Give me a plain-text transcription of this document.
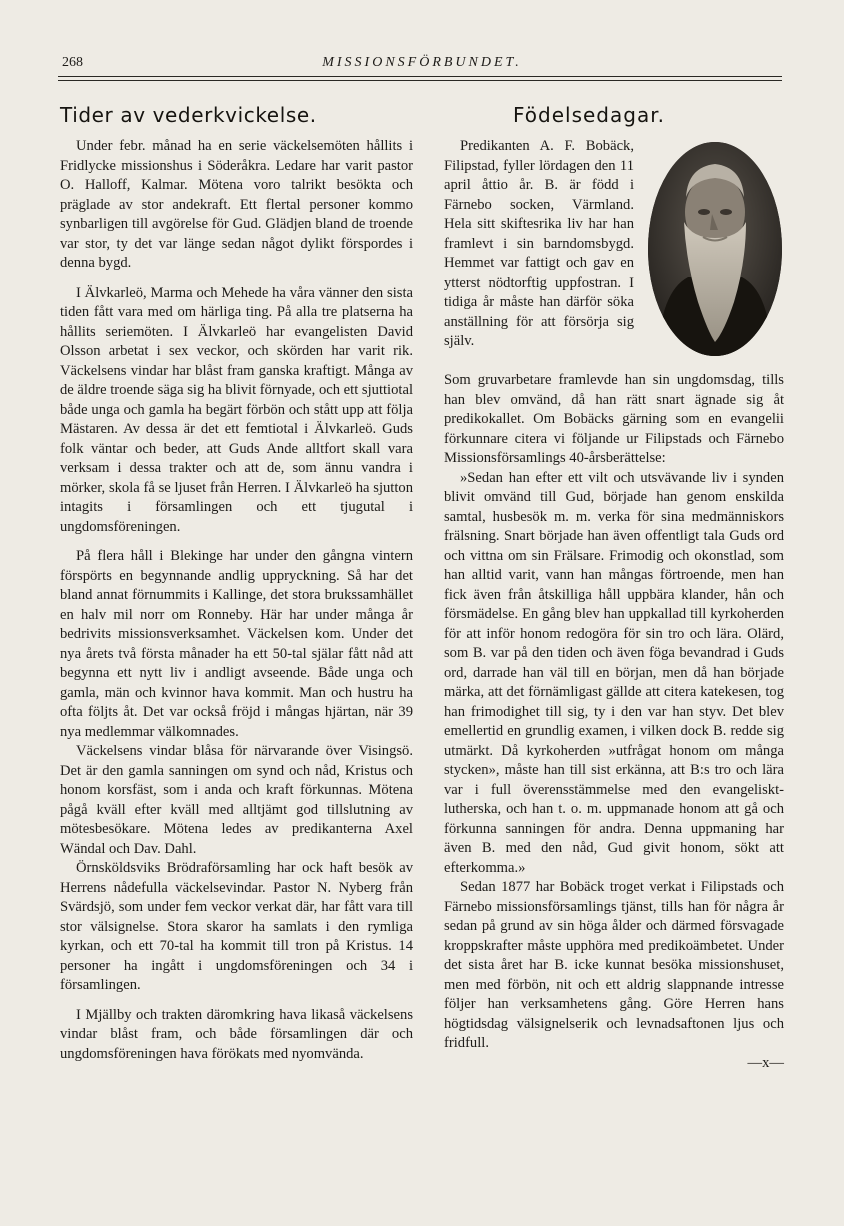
268	MISSIONSFÖRBUNDET.
Tider av vederkvickelse.

Under febr. månad ha en serie väckelsemöten hållits i Fridlycke missionshus i Söderåkra. Ledare har varit pastor O. Halloff, Kalmar. Mötena voro talrikt besökta och präglade av stor andekraft. Ett flertal personer kommo synbarligen till avgörelse för Gud. Glädjen bland de troende var stor, ty det var länge sedan något dylikt förspordes i denna bygd.

I Älvkarleö, Marma och Mehede ha våra vänner den sista tiden fått vara med om härliga ting. På alla tre platserna ha hållits seriemöten. I Älvkarleö har evangelisten David Olsson arbetat i sex veckor, och skörden har varit rik. Väckelsens vindar har blåst fram ganska kraftigt. Många av de äldre troende säga sig ha blivit förnyade, och ett sjuttiotal både unga och gamla ha begärt förbön och stått upp att följa Mästaren. Av dessa är det ett femtiotal i Älvkarleö. Guds folk väntar och beder, att Guds Ande alltfort skall vara verksam i dessa trakter och att de, som ännu vandra i mörker, skola få se ljuset från Herren. I Älvkarleö ha sjutton intagits i församlingen och ett tjugutal i ungdomsföreningen.

På flera håll i Blekinge har under den gångna vintern förspörts en begynnande andlig uppryckning. Så har det bland annat förnummits i Kallinge, det stora brukssamhället en halv mil norr om Ronneby. Här har under många år bedrivits missionsverksamhet. Väckelsen kom. Under det nya årets två första månader ha ett 50-tal själar fått nåd att begynna ett nytt liv i andligt avseende. Både unga och gamla, män och kvinnor hava kommit. Man och hustru ha ofta följts åt. Det var också fröjd i mångas hjärtan, när 39 nya medlemmar välkomnades.

Väckelsens vindar blåsa för närvarande över Visingsö. Det är den gamla sanningen om synd och nåd, Kristus och honom korsfäst, som i anda och kraft förkunnas. Mötena pågå kväll efter kväll med alltjämt god tillslutning av mötesbesökare. Mötena ledes av predikanterna Axel Wändal och Dav. Dahl.

Örnsköldsviks Brödraförsamling har ock haft besök av Herrens nådefulla väckelsevindar. Pastor N. Nyberg från Svärdsjö, som under fem veckor verkat där, har fått vara till stor välsignelse. Stora skaror ha samlats i den rymliga kyrkan, och ett 70-tal ha kommit till tron på Kristus. 14 personer ha ingått i ungdomsföreningen och 34 i församlingen.

I Mjällby och trakten däromkring hava likaså väckelsens vindar blåst fram, och både församlingen där och ungdomsföreningen hava förökats med nyomvända.

Födelsedagar.

Predikanten A. F. Bobäck, Filipstad, fyller lördagen den 11 april åttio år. B. är född i Färnebo socken, Värmland. Hela sitt skiftesrika liv har han framlevt i sin barndomsbygd. Hemmet var fattigt och gav en ytterst nödtorftig uppfostran. I tidiga år måste han därför söka anställning för att försörja sig själv.

Som gruvarbetare framlevde han sin ungdomsdag, tills han blev omvänd, då han rätt snart ägnade sig åt predikokallet. Om Bobäcks gärning som en evangelii förkunnare citera vi följande ur Filipstads och Färnebo Missionsförsamlings 40-årsberättelse:

»Sedan han efter ett vilt och utsvävande liv i synden blivit omvänd till Gud, började han genom enskilda samtal, husbesök m. m. verka för sina medmänniskors frälsning. Snart började han även offentligt tala Guds ord och vittna om sin Frälsare. Frimodig och okonstlad, som han alltid varit, vann han mångas förtroende, men han fick även från åtskilliga håll uppbära klander, hån och försmädelse. En gång blev han uppkallad till kyrkoherden för att inför honom redogöra för sin tro och lära. Olärd, som B. var på den tiden och även föga bevandrad i Guds ord, darrade han väl till en början, men då han började märka, att det förnämligast gällde att citera katekesen, tog han frimodighet till sig, ty i den var han styv. Det blev emellertid en grundlig examen, i vilken dock B. redde sig utmärkt. Då kyrkoherden »utfrågat honom om många stycken», måste han till sist erkänna, att B:s tro och lära var i full överensstämmelse med den evangeliskt-lutherska, och han t. o. m. uppmanade honom att gå och förkunna sanningen för andra. Denna uppmaning har även B. med den nåd, Gud givit honom, sökt att efterkomma.»

Sedan 1877 har Bobäck troget verkat i Filipstads och Färnebo missionsförsamlings tjänst, tills han för några år sedan på grund av sin höga ålder och därmed försvagade kroppskrafter måste upphöra med predikoämbetet. Under det sista året har B. icke kunnat besöka missionshuset, men med förbön, nit och ett aldrig slappnande intresse följer han verksamhetens gång. Göre Herren hans högtidsdag välsignelserik och levnadsaftonen ljus och fridfull.

—x—
